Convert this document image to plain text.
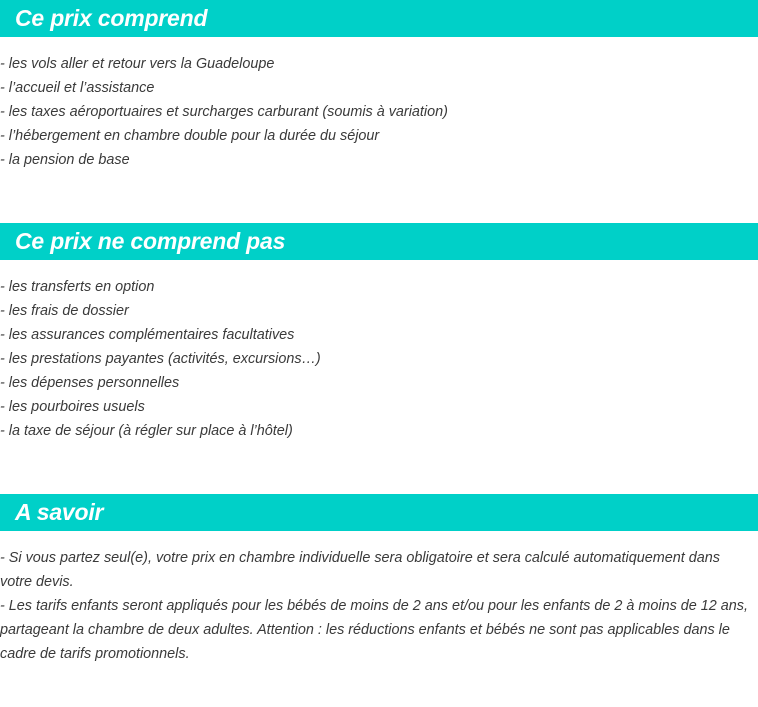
Ce prix comprend
- les vols aller et retour vers la Guadeloupe
- l’accueil et l’assistance
- les taxes aéroportuaires et surcharges carburant (soumis à variation)
- l’hébergement en chambre double pour la durée du séjour
- la pension de base
Ce prix ne comprend pas
- les transferts en option
- les frais de dossier
- les assurances complémentaires facultatives
- les prestations payantes (activités, excursions…)
- les dépenses personnelles
- les pourboires usuels
- la taxe de séjour (à régler sur place à l’hôtel)
A savoir

- Si vous partez seul(e), votre prix en chambre individuelle sera obligatoire et sera calculé automatiquement dans votre devis.

- Les tarifs enfants seront appliqués pour les bébés de moins de 2 ans et/ou pour les enfants de 2 à moins de 12 ans, partageant la chambre de deux adultes. Attention : les réductions enfants et bébés ne sont pas applicables dans le cadre de tarifs promotionnels.
